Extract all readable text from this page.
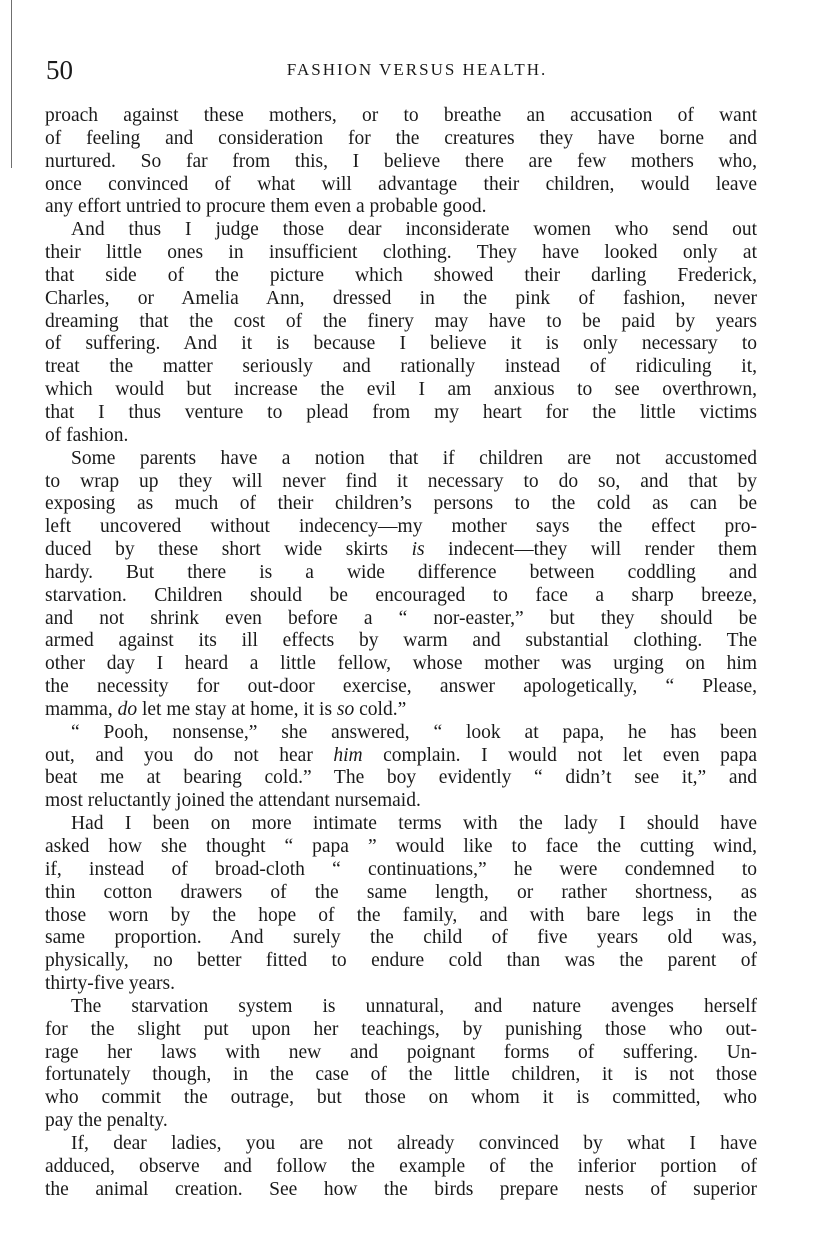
50	FASHION VERSUS HEALTH.
proach against these mothers, or to breathe an accusation of want
of feeling and consideration for the creatures they have borne and
nurtured. So far from this, I believe there are few mothers who,
once convinced of what will advantage their children, would leave
any effort untried to procure them even a probable good.
And thus I judge those dear inconsiderate women who send out
their little ones in insufficient clothing. They have looked only at
that side of the picture which showed their darling Frederick,
Charles, or Amelia Ann, dressed in the pink of fashion, never
dreaming that the cost of the finery may have to be paid by years
of suffering. And it is because I believe it is only necessary to
treat the matter seriously and rationally instead of ridiculing it,
which would but increase the evil I am anxious to see overthrown,
that I thus venture to plead from my heart for the little victims
of fashion.
Some parents have a notion that if children are not accustomed
to wrap up they will never find it necessary to do so, and that by
exposing as much of their children’s persons to the cold as can be
left uncovered without indecency—my mother says the effect pro-
duced by these short wide skirts is indecent—they will render them
hardy. But there is a wide difference between coddling and
starvation. Children should be encouraged to face a sharp breeze,
and not shrink even before a “ nor-easter,” but they should be
armed against its ill effects by warm and substantial clothing. The
other day I heard a little fellow, whose mother was urging on him
the necessity for out-door exercise, answer apologetically, “ Please,
mamma, do let me stay at home, it is so cold.”
“ Pooh, nonsense,” she answered, “ look at papa, he has been
out, and you do not hear him complain. I would not let even papa
beat me at bearing cold.” The boy evidently “ didn’t see it,” and
most reluctantly joined the attendant nursemaid.
Had I been on more intimate terms with the lady I should have
asked how she thought “ papa ” would like to face the cutting wind,
if, instead of broad-cloth “ continuations,” he were condemned to
thin cotton drawers of the same length, or rather shortness, as
those worn by the hope of the family, and with bare legs in the
same proportion. And surely the child of five years old was,
physically, no better fitted to endure cold than was the parent of
thirty-five years.
The starvation system is unnatural, and nature avenges herself
for the slight put upon her teachings, by punishing those who out-
rage her laws with new and poignant forms of suffering. Un-
fortunately though, in the case of the little children, it is not those
who commit the outrage, but those on whom it is committed, who
pay the penalty.
If, dear ladies, you are not already convinced by what I have
adduced, observe and follow the example of the inferior portion of
the animal creation. See how the birds prepare nests of superior
